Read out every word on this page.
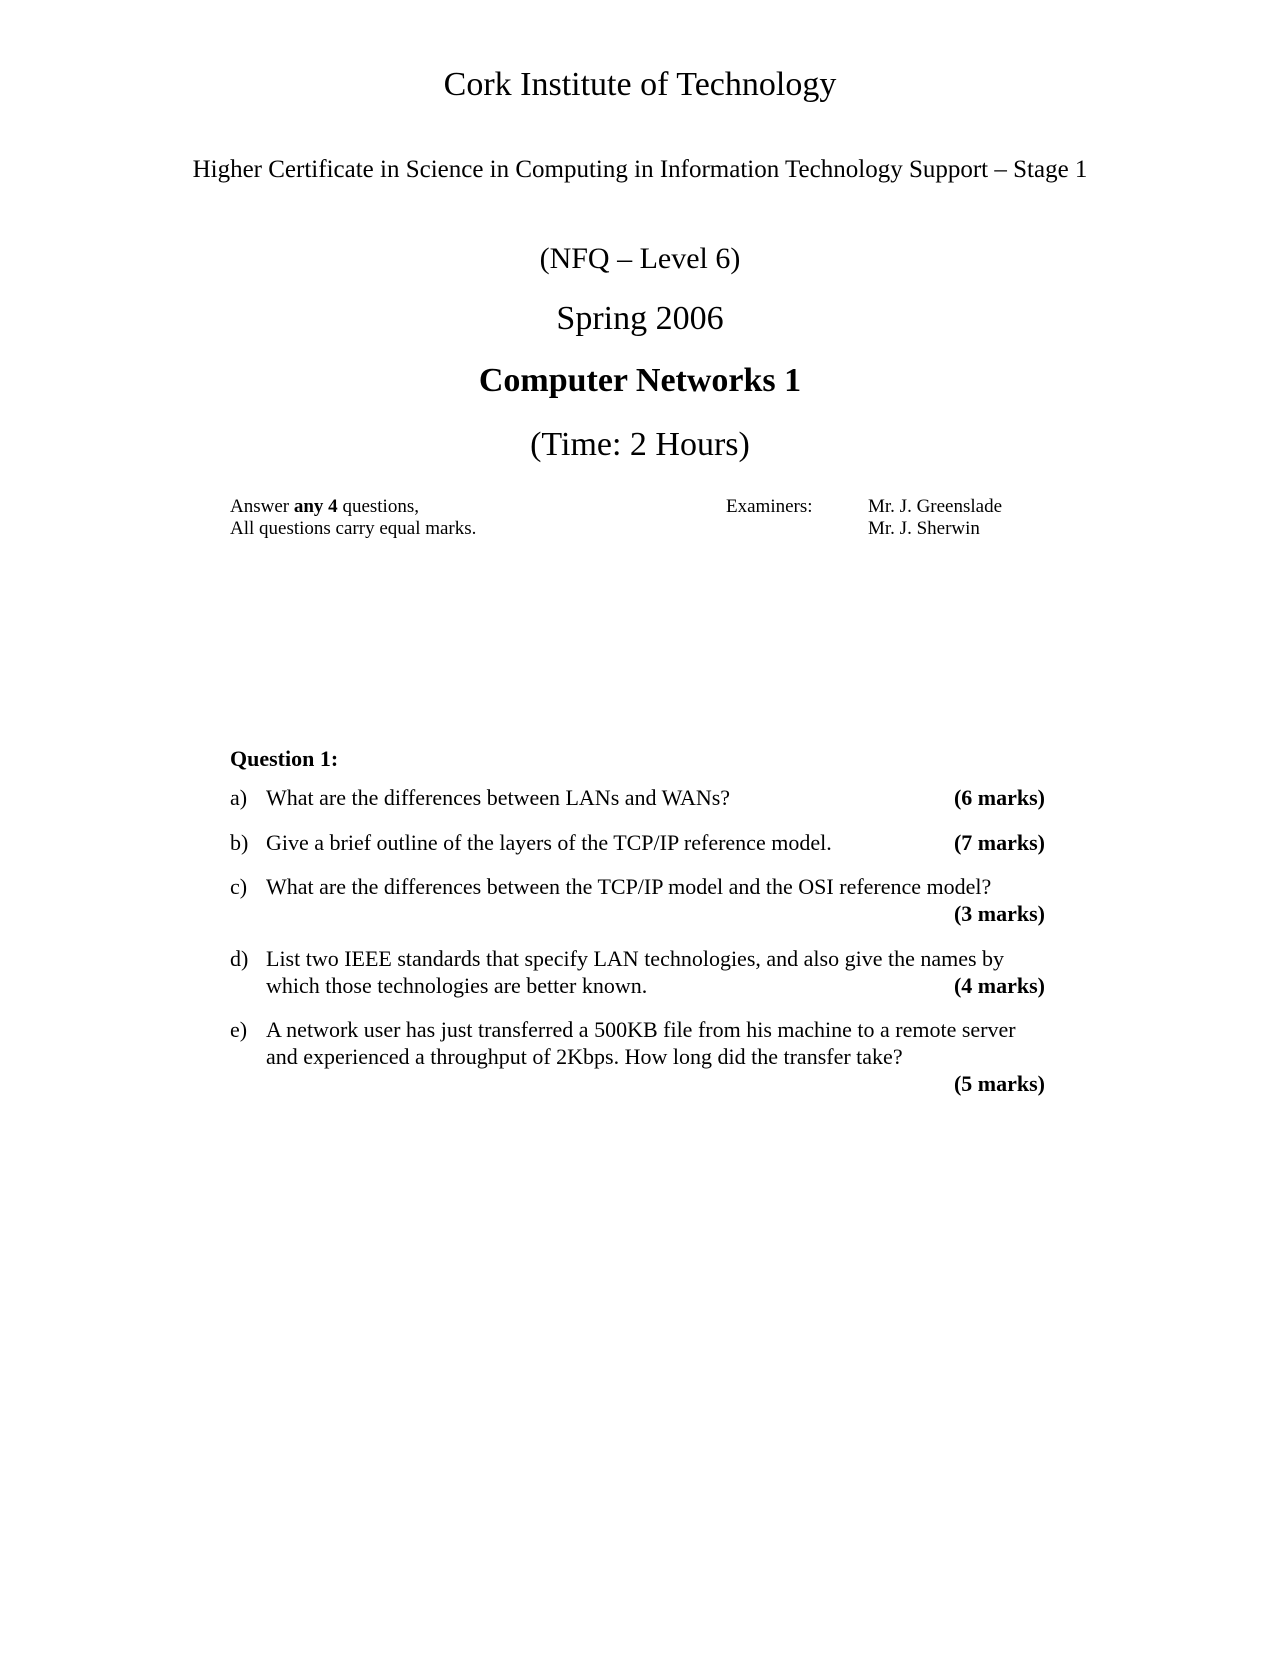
Cork Institute of Technology
Higher Certificate in Science in Computing in Information Technology Support – Stage 1
(NFQ – Level 6)
Spring 2006
Computer Networks 1
(Time: 2 Hours)
Answer any 4 questions,
All questions carry equal marks.
Examiners:	Mr. J. Greenslade
Mr. J. Sherwin
Question 1:
a)	(6 marks)
What are the differences between LANs and WANs?
b)	(7 marks)
Give a brief outline of the layers of the TCP/IP reference model.
c) What are the differences between the TCP/IP model and the OSI reference model?
(3 marks)
d) List two IEEE standards that specify LAN technologies, and also give the names by which those technologies are better known.	(4 marks)
e) A network user has just transferred a 500KB file from his machine to a remote server and experienced a throughput of 2Kbps. How long did the transfer take?
(5 marks)
